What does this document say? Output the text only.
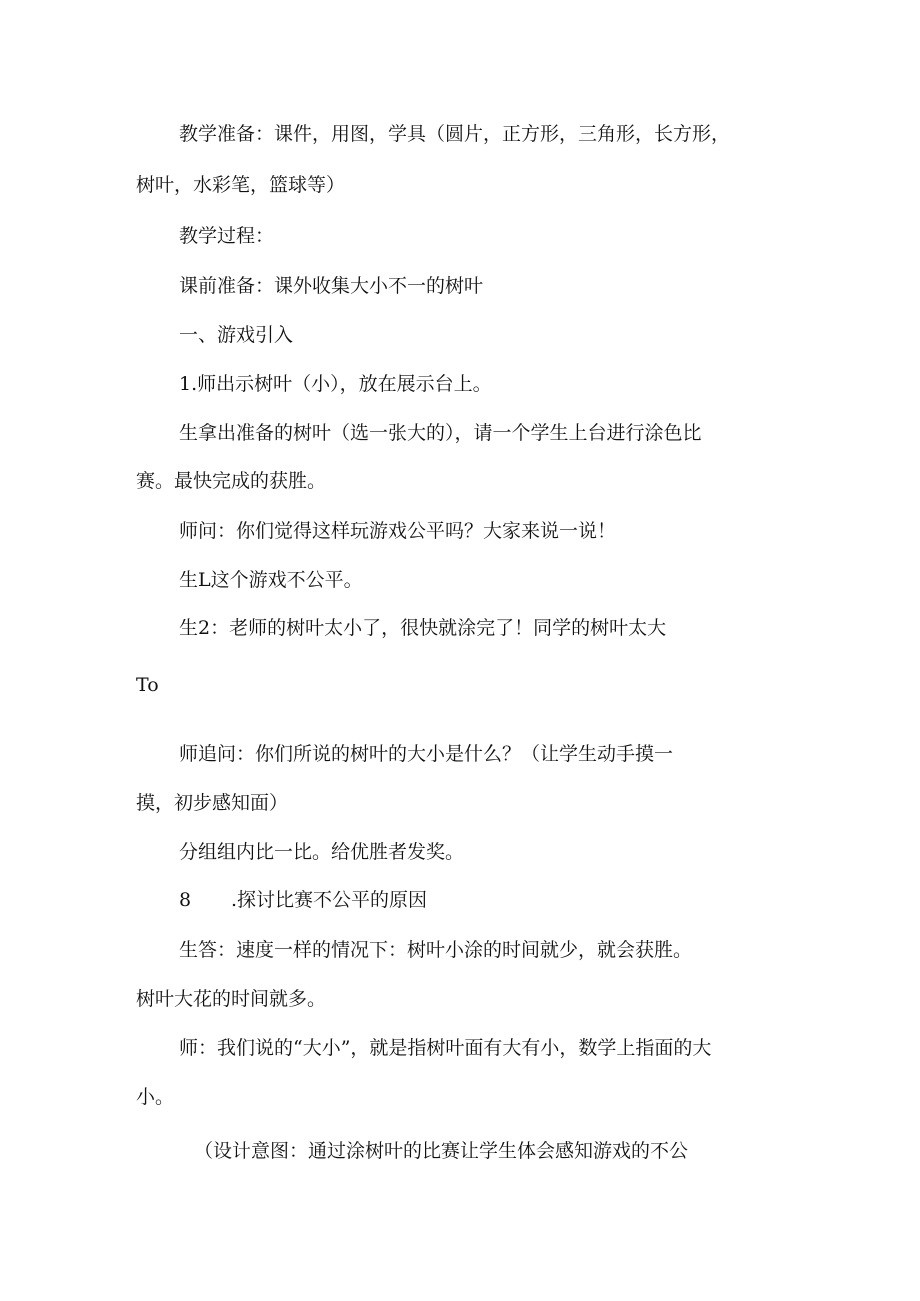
教学准备：课件，用图，学具（圆片，正方形，三角形，长方形，

树叶，水彩笔，篮球等）

教学过程：

课前准备：课外收集大小不一的树叶

一、游戏引入

1.师出示树叶（小），放在展示台上。

生拿出准备的树叶（选一张大的），请一个学生上台进行涂色比

赛。最快完成的获胜。

师问：你们觉得这样玩游戏公平吗？大家来说一说！

生L这个游戏不公平。

生2：老师的树叶太小了，很快就涂完了！同学的树叶太大

To

师追问：你们所说的树叶的大小是什么？（让学生动手摸一

摸，初步感知面）

分组组内比一比。给优胜者发奖。

8 .探讨比赛不公平的原因

生答：速度一样的情况下：树叶小涂的时间就少，就会获胜。

树叶大花的时间就多。

师：我们说的“大小”，就是指树叶面有大有小，数学上指面的大

小。

（设计意图：通过涂树叶的比赛让学生体会感知游戏的不公
